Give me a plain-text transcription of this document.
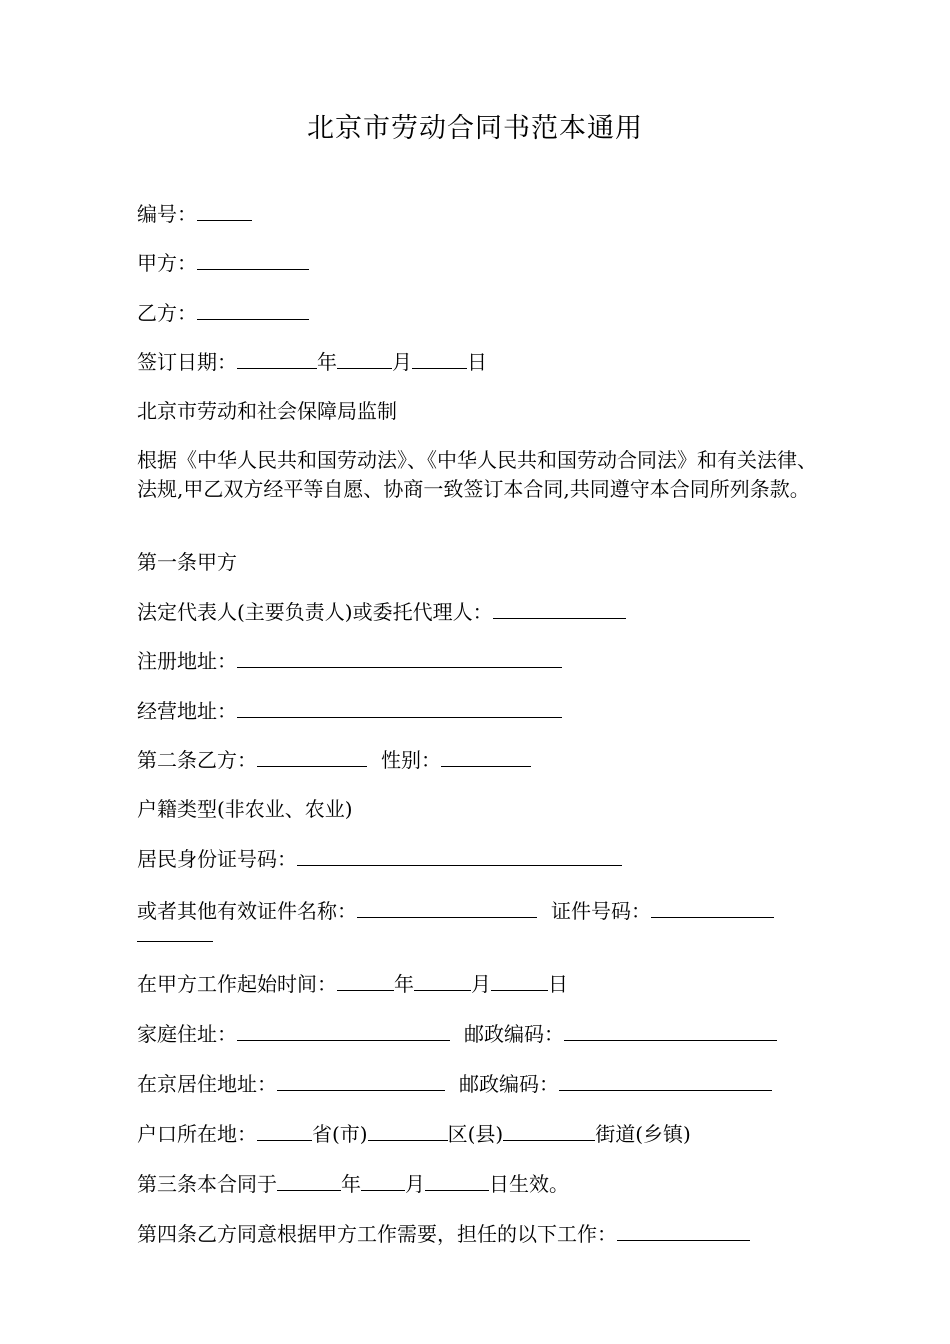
北京市劳动合同书范本通用
编号：
甲方：
乙方：
签订日期：	年	月	日
北京市劳动和社会保障局监制
根据《中华人民共和国劳动法》、《中华人民共和国劳动合同法》和有关法律、法规,甲乙双方经平等自愿、协商一致签订本合同,共同遵守本合同所列条款。
第一条甲方
法定代表人(主要负责人)或委托代理人：
注册地址：
经营地址：
第二条乙方：	性别：
户籍类型(非农业、农业)
居民身份证号码：
或者其他有效证件名称：	证件号码：
在甲方工作起始时间：	年	月	日
家庭住址：	邮政编码：
在京居住地址：	邮政编码：
户口所在地：	省(市)	区(县)	街道(乡镇)
第三条本合同于	年 月	日生效。
第四条乙方同意根据甲方工作需要，担任的以下工作：
